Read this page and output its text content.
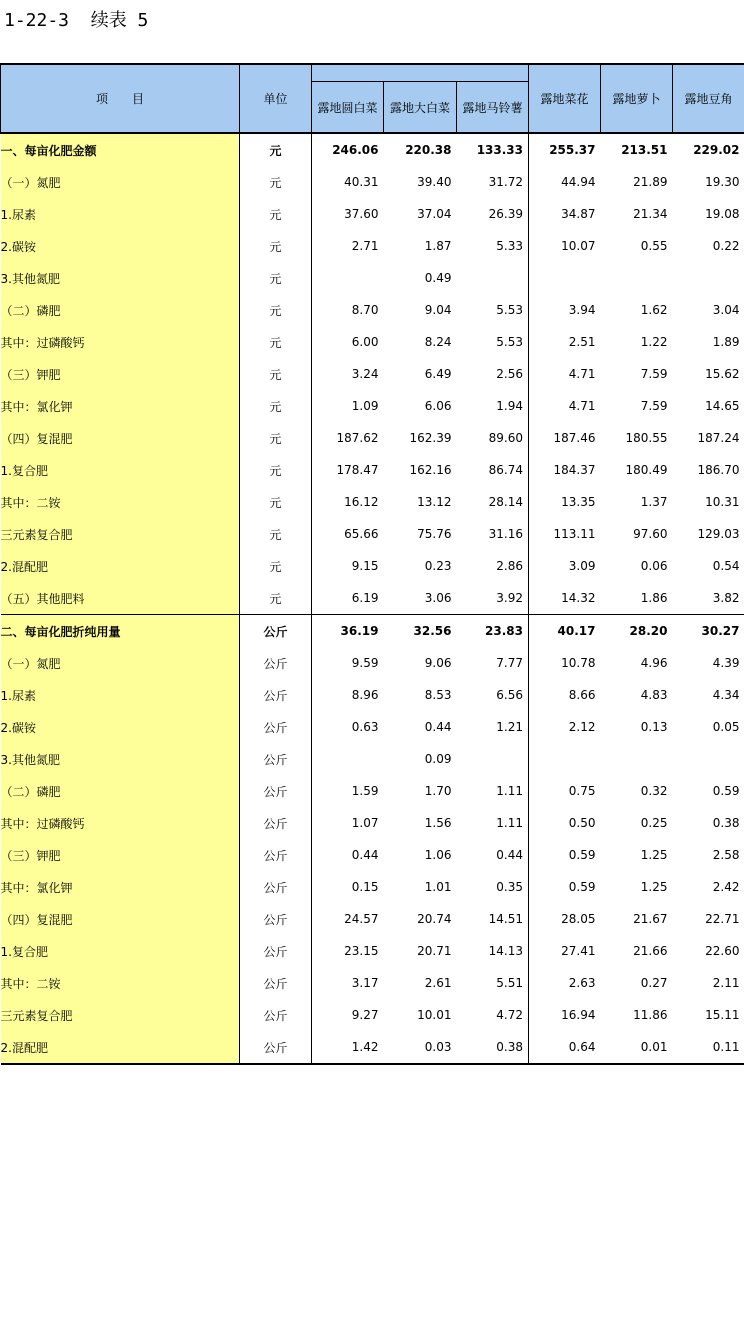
1-22-3  续表 5
项　　目	单位				露地菜花	露地萝卜	露地豆角
		露地圆白菜	露地大白菜	露地马铃薯			
一、每亩化肥金额	元	246.06	220.38	133.33	255.37	213.51	229.02
（一）氮肥	元	40.31	39.40	31.72	44.94	21.89	19.30
1.尿素	元	37.60	37.04	26.39	34.87	21.34	19.08
2.碳铵	元	2.71	1.87	5.33	10.07	0.55	0.22
3.其他氮肥	元		0.49				
（二）磷肥	元	8.70	9.04	5.53	3.94	1.62	3.04
其中：过磷酸钙	元	6.00	8.24	5.53	2.51	1.22	1.89
（三）钾肥	元	3.24	6.49	2.56	4.71	7.59	15.62
其中：氯化钾	元	1.09	6.06	1.94	4.71	7.59	14.65
（四）复混肥	元	187.62	162.39	89.60	187.46	180.55	187.24
1.复合肥	元	178.47	162.16	86.74	184.37	180.49	186.70
其中：二铵	元	16.12	13.12	28.14	13.35	1.37	10.31
三元素复合肥	元	65.66	75.76	31.16	113.11	97.60	129.03
2.混配肥	元	9.15	0.23	2.86	3.09	0.06	0.54
（五）其他肥料	元	6.19	3.06	3.92	14.32	1.86	3.82
二、每亩化肥折纯用量	公斤	36.19	32.56	23.83	40.17	28.20	30.27
（一）氮肥	公斤	9.59	9.06	7.77	10.78	4.96	4.39
1.尿素	公斤	8.96	8.53	6.56	8.66	4.83	4.34
2.碳铵	公斤	0.63	0.44	1.21	2.12	0.13	0.05
3.其他氮肥	公斤		0.09				
（二）磷肥	公斤	1.59	1.70	1.11	0.75	0.32	0.59
其中：过磷酸钙	公斤	1.07	1.56	1.11	0.50	0.25	0.38
（三）钾肥	公斤	0.44	1.06	0.44	0.59	1.25	2.58
其中：氯化钾	公斤	0.15	1.01	0.35	0.59	1.25	2.42
（四）复混肥	公斤	24.57	20.74	14.51	28.05	21.67	22.71
1.复合肥	公斤	23.15	20.71	14.13	27.41	21.66	22.60
其中：二铵	公斤	3.17	2.61	5.51	2.63	0.27	2.11
三元素复合肥	公斤	9.27	10.01	4.72	16.94	11.86	15.11
2.混配肥	公斤	1.42	0.03	0.38	0.64	0.01	0.11
